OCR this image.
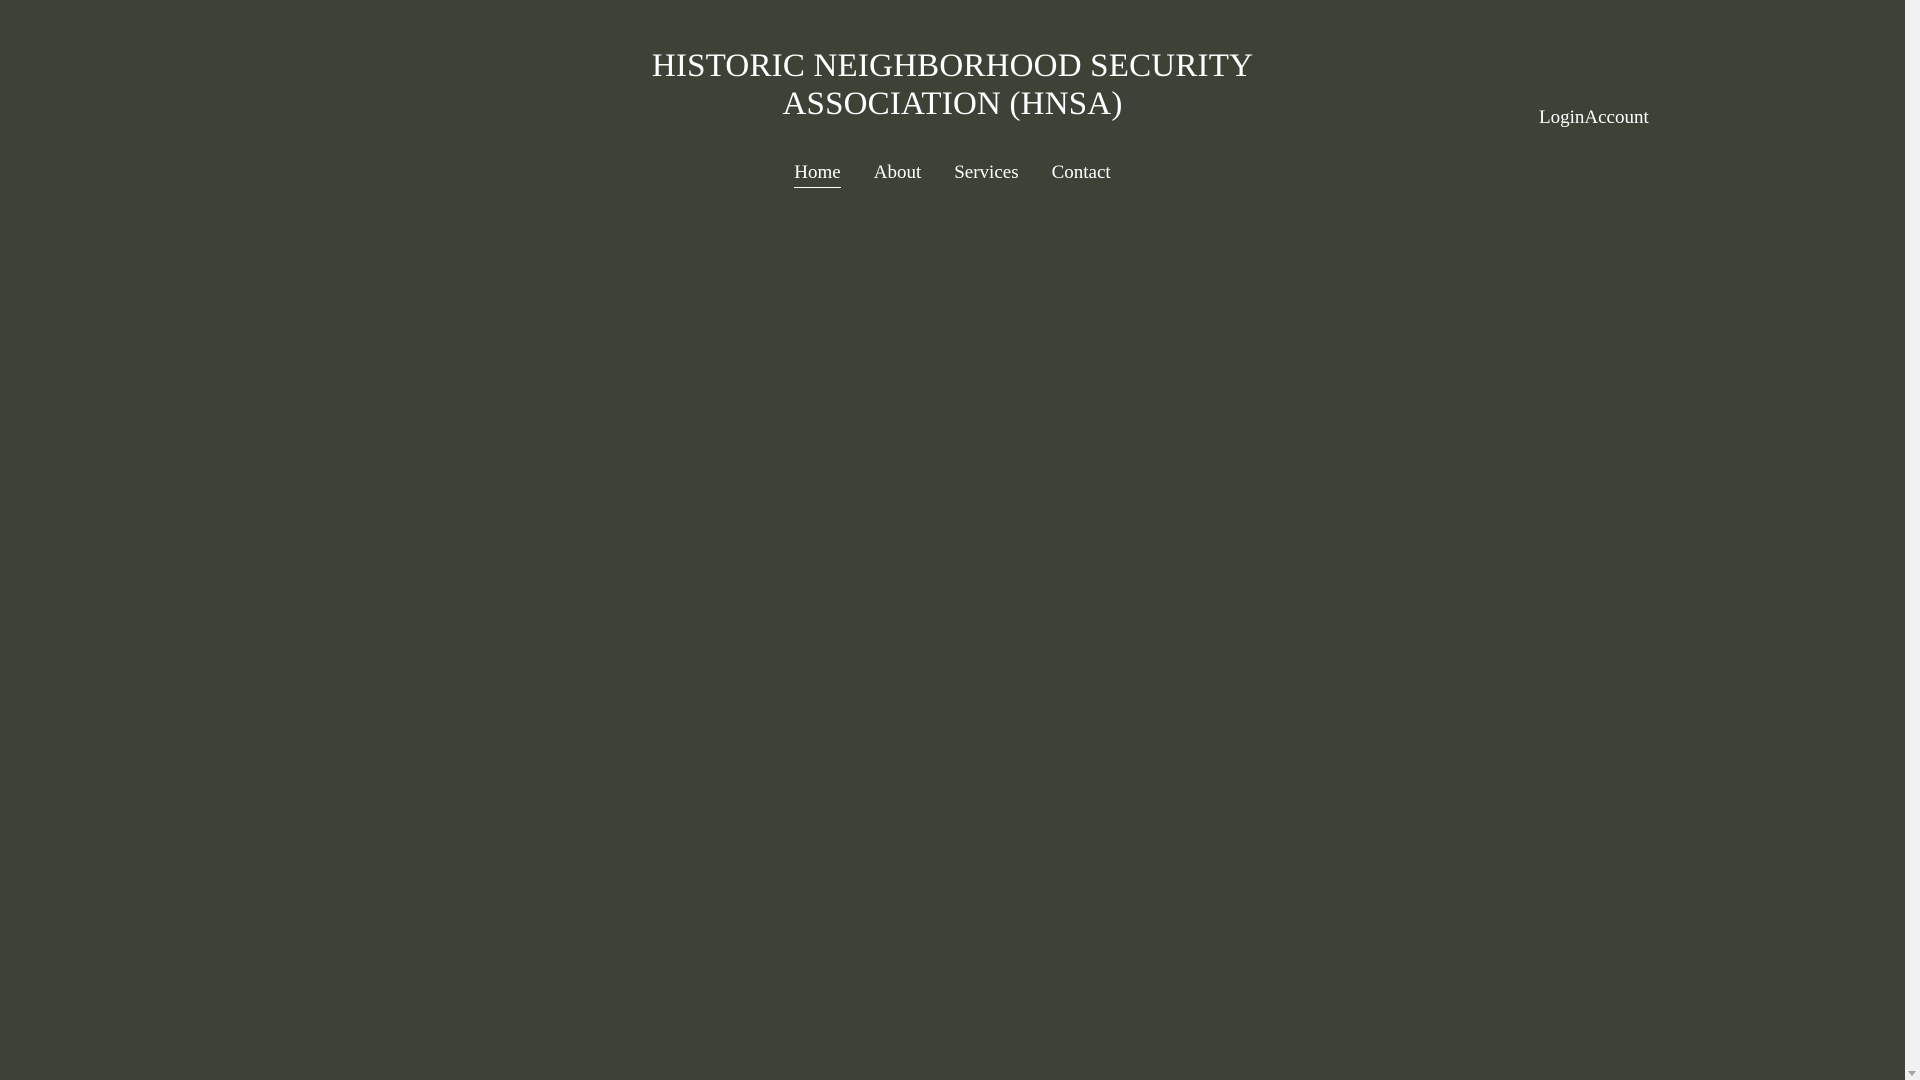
HISTORIC NEIGHBORHOOD SECURITY
ASSOCIATION (HNSA)	LoginAccount
Home About Services Contact
